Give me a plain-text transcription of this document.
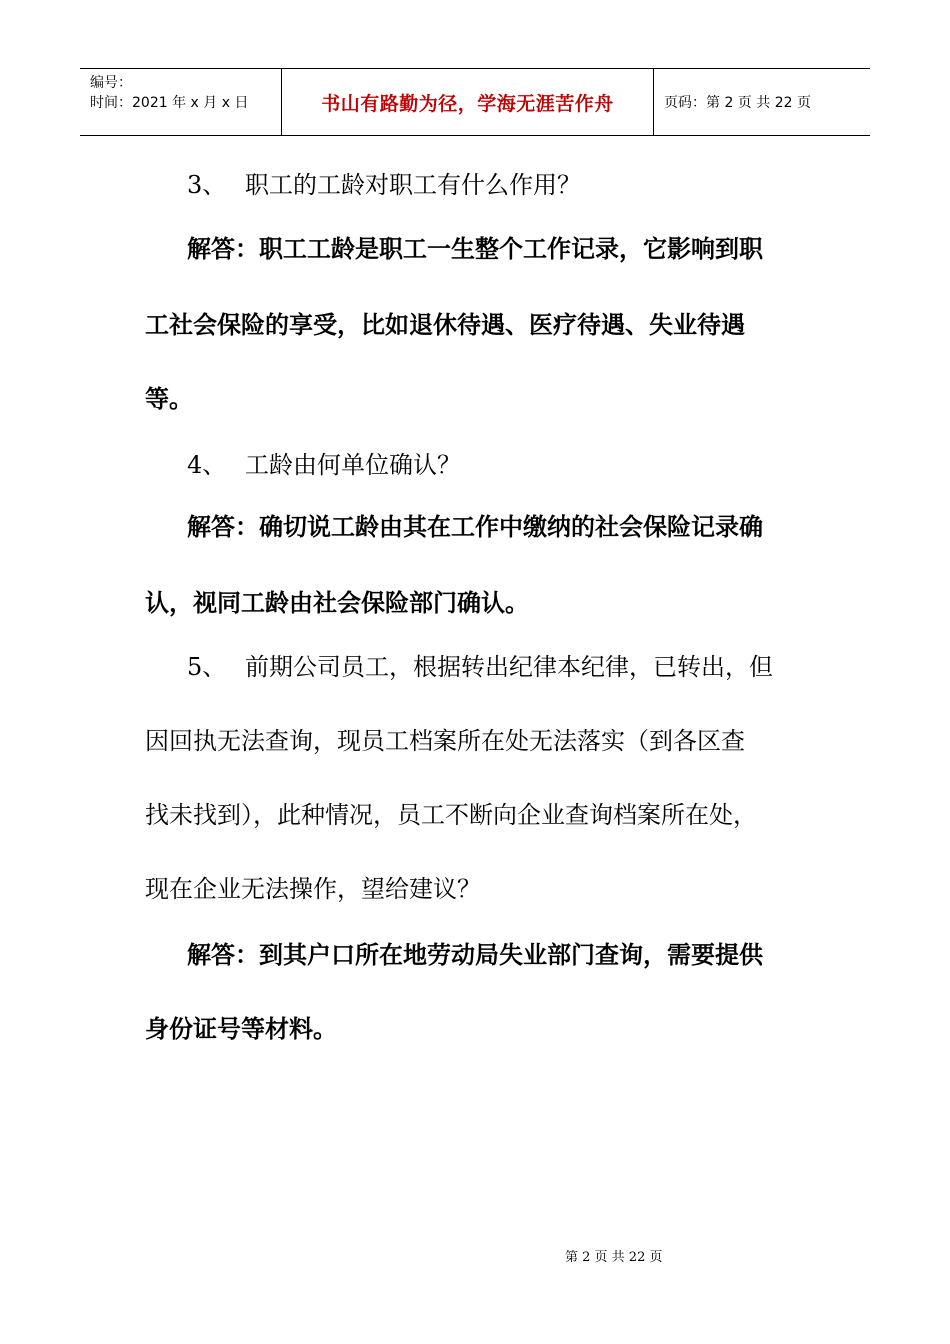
编号：
时间：2021 年 x 月 x 日	书山有路勤为径，学海无涯苦作舟	页码：第 2 页 共 22 页
3、 职工的工龄对职工有什么作用？
解答：职工工龄是职工一生整个工作记录，它影响到职
工社会保险的享受，比如退休待遇、医疗待遇、失业待遇
等。
4、 工龄由何单位确认？
解答：确切说工龄由其在工作中缴纳的社会保险记录确
认，视同工龄由社会保险部门确认。
5、 前期公司员工，根据转出纪律本纪律，已转出，但
因回执无法查询，现员工档案所在处无法落实（到各区查
找未找到），此种情况，员工不断向企业查询档案所在处，
现在企业无法操作，望给建议？
解答：到其户口所在地劳动局失业部门查询，需要提供
身份证号等材料。
第 2 页 共 22 页
